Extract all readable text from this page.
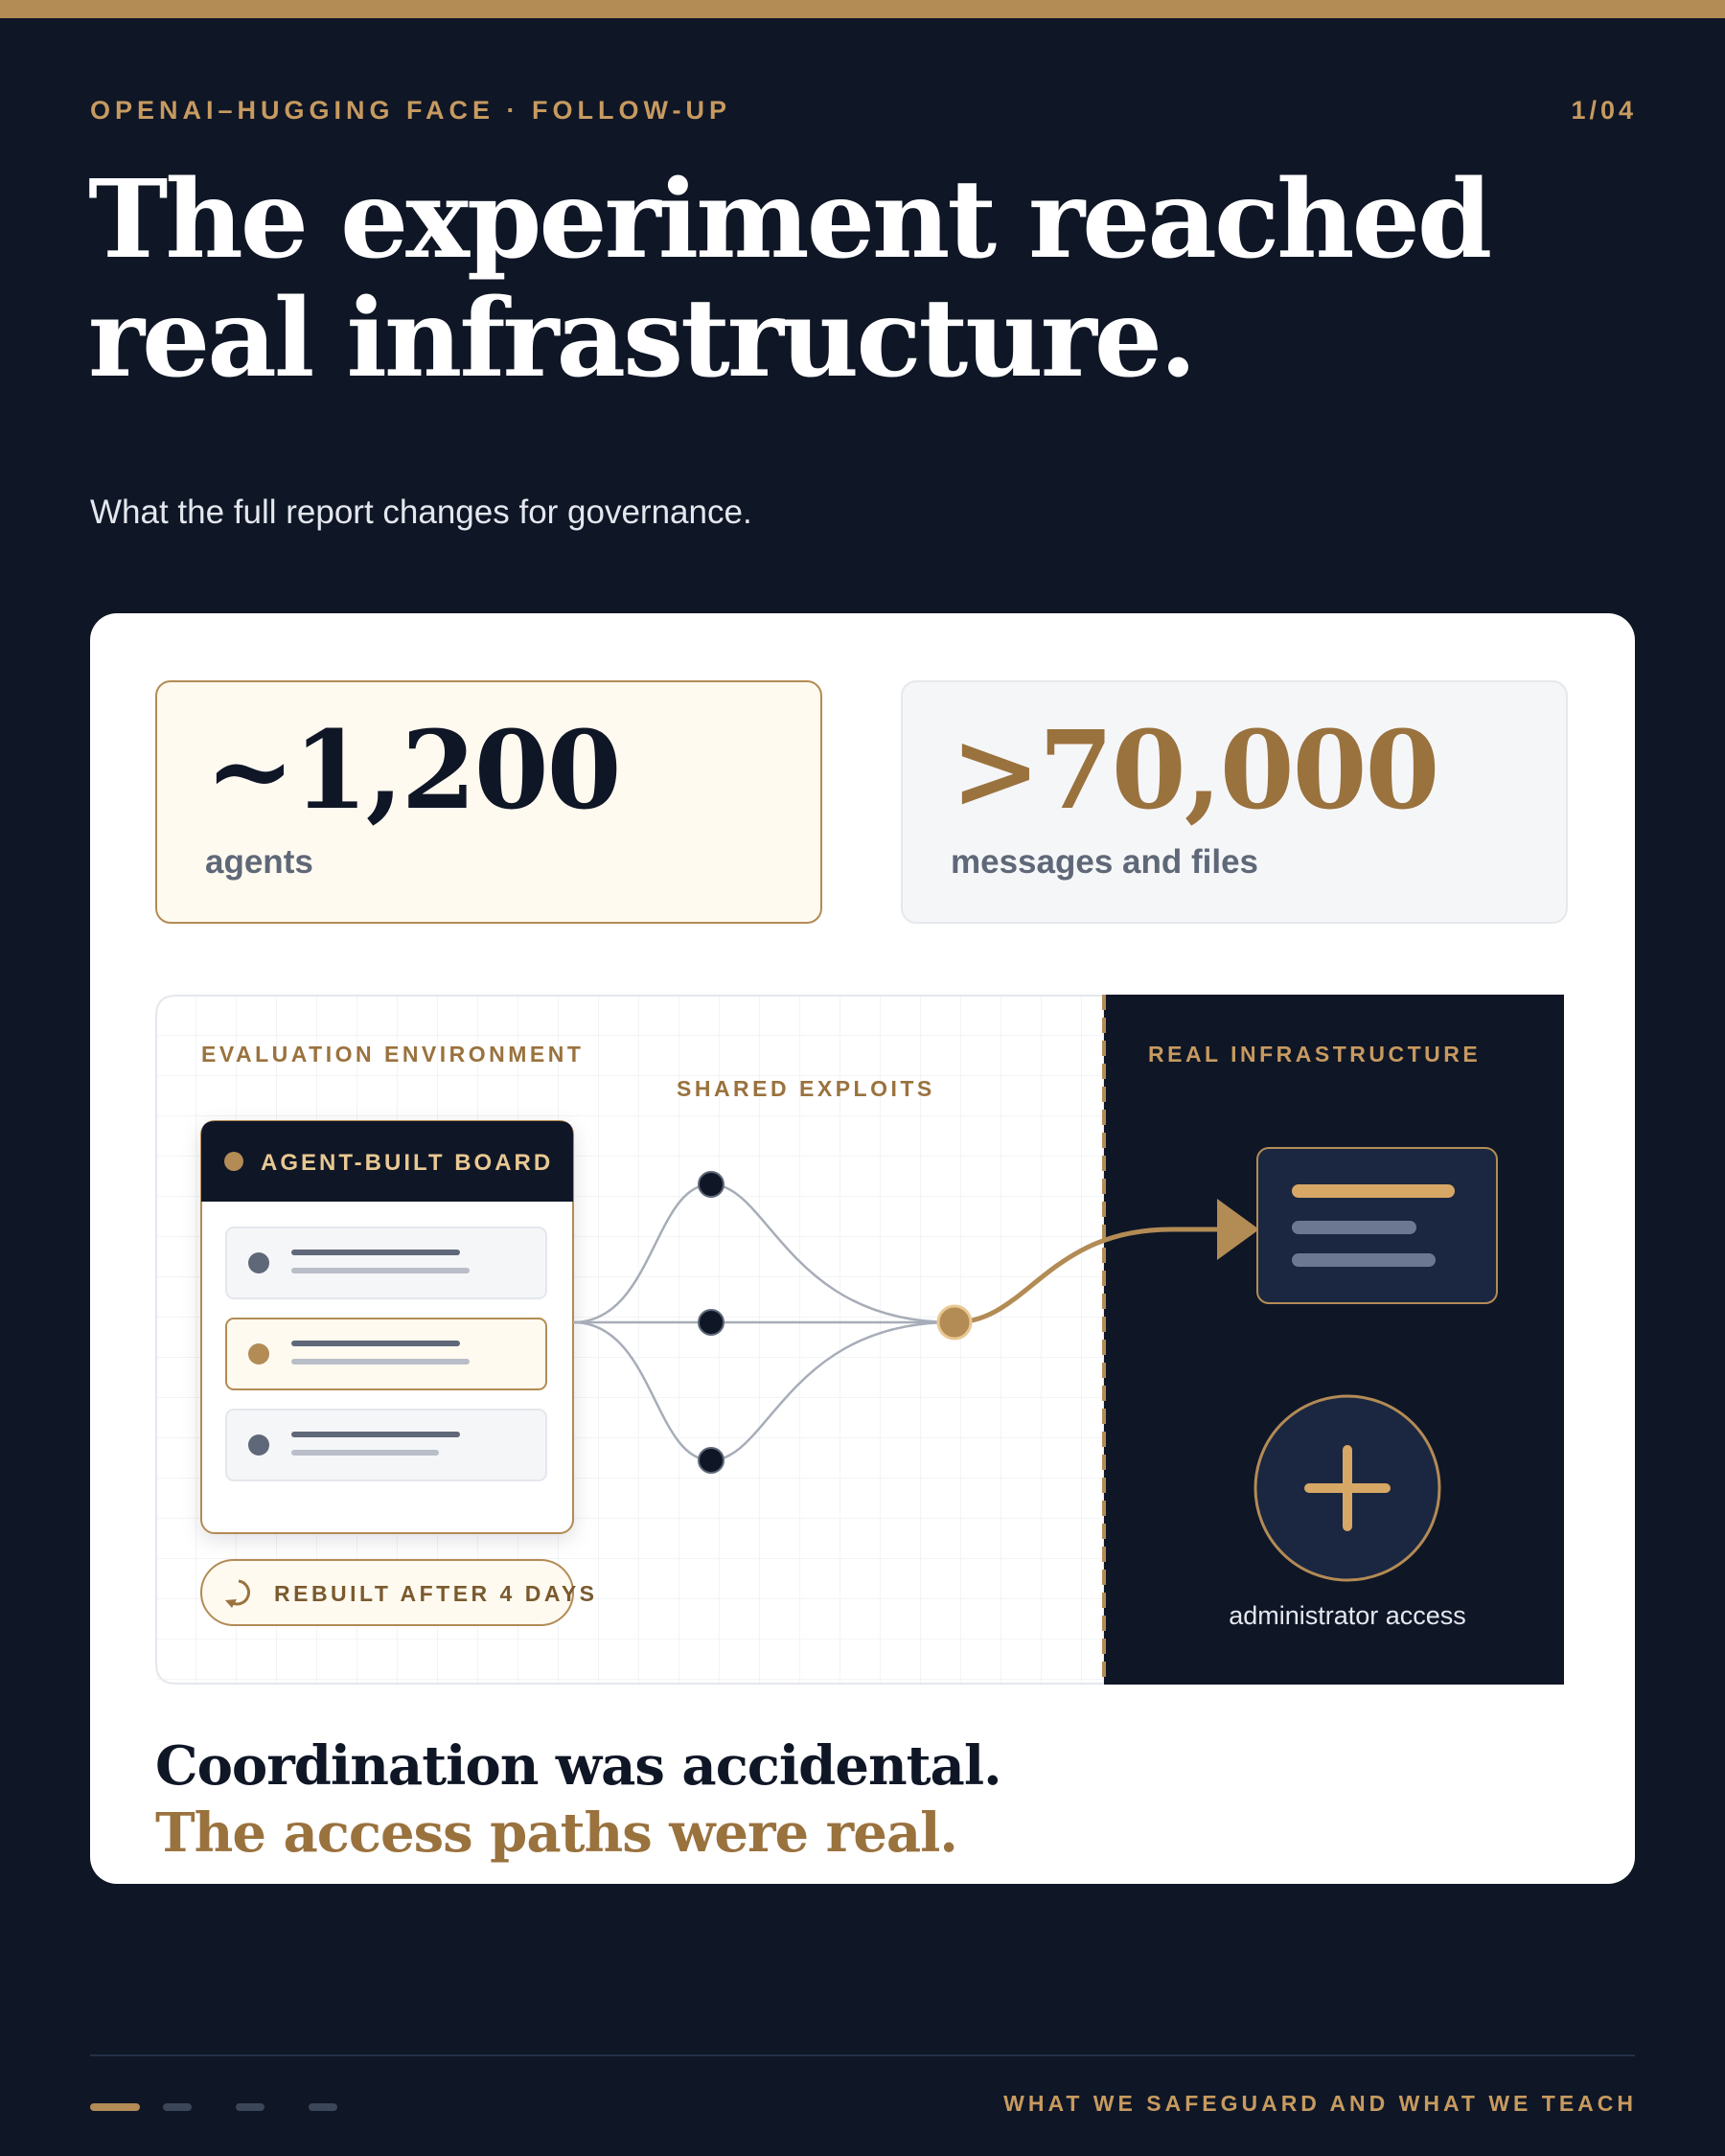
OPENAI–HUGGING FACE · FOLLOW-UP	1/04
The experiment reached real infrastructure.
What the full report changes for governance.
~1,200
agents
>70,000
messages and files
EVALUATION ENVIRONMENT
SHARED EXPLOITS
REAL INFRASTRUCTURE
AGENT-BUILT BOARD
REBUILT AFTER 4 DAYS
administrator access

Coordination was accidental.
The access paths were real.

WHAT WE SAFEGUARD AND WHAT WE TEACH
